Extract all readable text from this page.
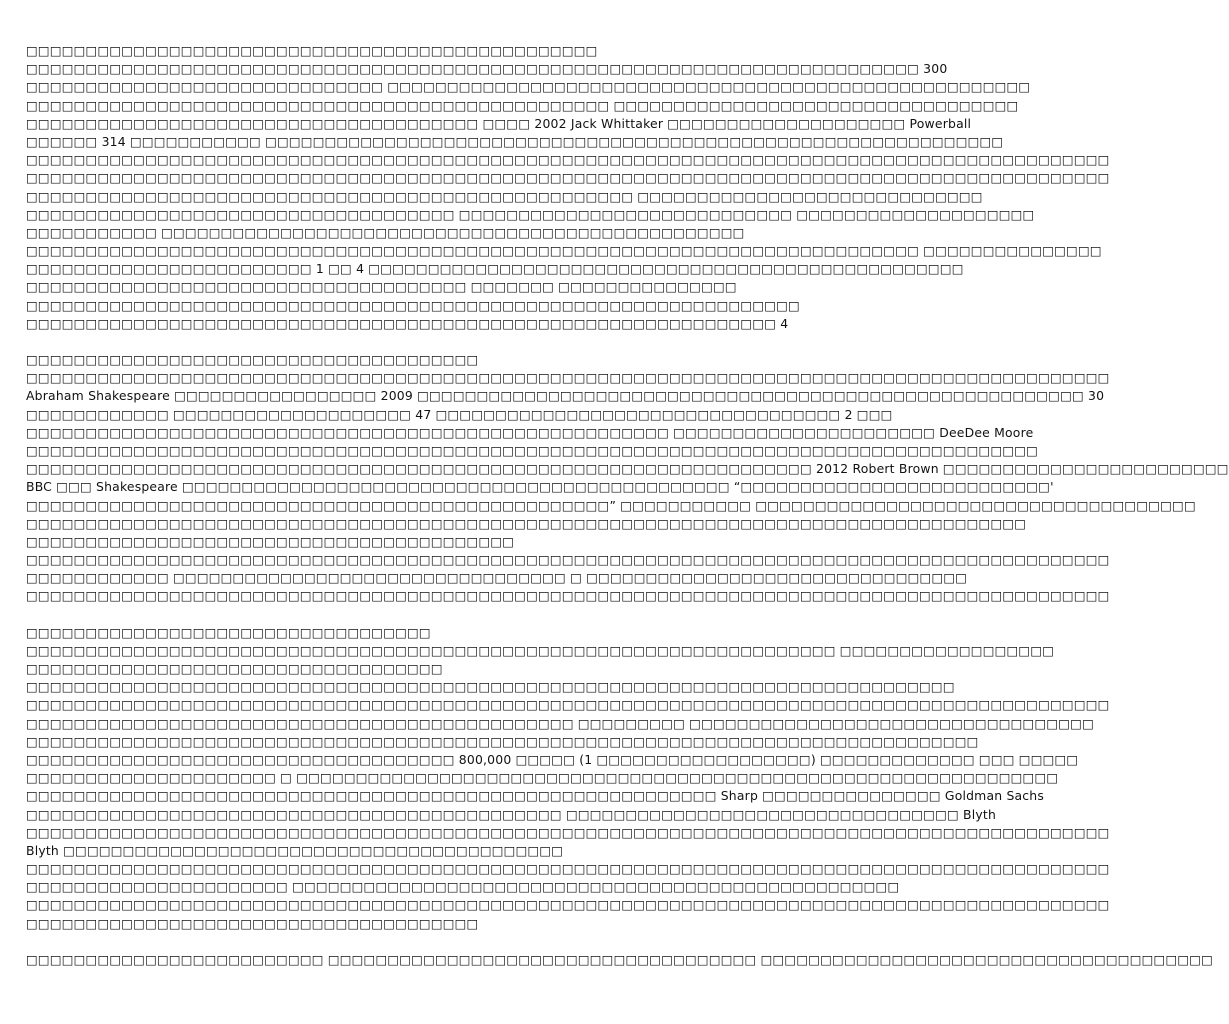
□□□□□□□□□□□□□□□□□□□□□□□□□□□□□□□□□□□□□□□□□□□□□□□□
□□□□□□□□□□□□□□□□□□□□□□□□□□□□□□□□□□□□□□□□□□□□□□□□□□□□□□□□□□□□□□□□□□□□□□□□□□□ 300
□□□□□□□□□□□□□□□□□□□□□□□□□□□□□□ □□□□□□□□□□□□□□□□□□□□□□□□□□□□□□□□□□□□□□□□□□□□□□□□□□□□□□
□□□□□□□□□□□□□□□□□□□□□□□□□□□□□□□□□□□□□□□□□□□□□□□□□ □□□□□□□□□□□□□□□□□□□□□□□□□□□□□□□□□□
□□□□□□□□□□□□□□□□□□□□□□□□□□□□□□□□□□□□□□ □□□□ 2002 Jack Whittaker □□□□□□□□□□□□□□□□□□□□ Powerball
□□□□□□ 314 □□□□□□□□□□□ □□□□□□□□□□□□□□□□□□□□□□□□□□□□□□□□□□□□□□□□□□□□□□□□□□□□□□□□□□□□□□
□□□□□□□□□□□□□□□□□□□□□□□□□□□□□□□□□□□□□□□□□□□□□□□□□□□□□□□□□□□□□□□□□□□□□□□□□□□□□□□□□□□□□□□□□□□
□□□□□□□□□□□□□□□□□□□□□□□□□□□□□□□□□□□□□□□□□□□□□□□□□□□□□□□□□□□□□□□□□□□□□□□□□□□□□□□□□□□□□□□□□□□
□□□□□□□□□□□□□□□□□□□□□□□□□□□□□□□□□□□□□□□□□□□□□□□□□□□ □□□□□□□□□□□□□□□□□□□□□□□□□□□□□
□□□□□□□□□□□□□□□□□□□□□□□□□□□□□□□□□□□□ □□□□□□□□□□□□□□□□□□□□□□□□□□□□ □□□□□□□□□□□□□□□□□□□□
□□□□□□□□□□□ □□□□□□□□□□□□□□□□□□□□□□□□□□□□□□□□□□□□□□□□□□□□□□□□□
□□□□□□□□□□□□□□□□□□□□□□□□□□□□□□□□□□□□□□□□□□□□□□□□□□□□□□□□□□□□□□□□□□□□□□□□□□□ □□□□□□□□□□□□□□□
□□□□□□□□□□□□□□□□□□□□□□□□ 1 □□ 4 □□□□□□□□□□□□□□□□□□□□□□□□□□□□□□□□□□□□□□□□□□□□□□□□□□
□□□□□□□□□□□□□□□□□□□□□□□□□□□□□□□□□□□□□ □□□□□□□ □□□□□□□□□□□□□□□
□□□□□□□□□□□□□□□□□□□□□□□□□□□□□□□□□□□□□□□□□□□□□□□□□□□□□□□□□□□□□□□□□
□□□□□□□□□□□□□□□□□□□□□□□□□□□□□□□□□□□□□□□□□□□□□□□□□□□□□□□□□□□□□□□ 4
□□□□□□□□□□□□□□□□□□□□□□□□□□□□□□□□□□□□□□
□□□□□□□□□□□□□□□□□□□□□□□□□□□□□□□□□□□□□□□□□□□□□□□□□□□□□□□□□□□□□□□□□□□□□□□□□□□□□□□□□□□□□□□□□□□
Abraham Shakespeare □□□□□□□□□□□□□□□□□ 2009 □□□□□□□□□□□□□□□□□□□□□□□□□□□□□□□□□□□□□□□□□□□□□□□□□□□□□□□□ 30
□□□□□□□□□□□□ □□□□□□□□□□□□□□□□□□□□ 47 □□□□□□□□□□□□□□□□□□□□□□□□□□□□□□□□□□ 2 □□□
□□□□□□□□□□□□□□□□□□□□□□□□□□□□□□□□□□□□□□□□□□□□□□□□□□□□□□ □□□□□□□□□□□□□□□□□□□□□□ DeeDee Moore
□□□□□□□□□□□□□□□□□□□□□□□□□□□□□□□□□□□□□□□□□□□□□□□□□□□□□□□□□□□□□□□□□□□□□□□□□□□□□□□□□□□□□
□□□□□□□□□□□□□□□□□□□□□□□□□□□□□□□□□□□□□□□□□□□□□□□□□□□□□□□□□□□□□□□□□□ 2012 Robert Brown □□□□□□□□□□□□□□□□□□□□□□□□
BBC □□□ Shakespeare □□□□□□□□□□□□□□□□□□□□□□□□□□□□□□□□□□□□□□□□□□□□□□ “□□□□□□□□□□□□□□□□□□□□□□□□□□'
□□□□□□□□□□□□□□□□□□□□□□□□□□□□□□□□□□□□□□□□□□□□□□□□□” □□□□□□□□□□□ □□□□□□□□□□□□□□□□□□□□□□□□□□□□□□□□□□□□□
□□□□□□□□□□□□□□□□□□□□□□□□□□□□□□□□□□□□□□□□□□□□□□□□□□□□□□□□□□□□□□□□□□□□□□□□□□□□□□□□□□□□
□□□□□□□□□□□□□□□□□□□□□□□□□□□□□□□□□□□□□□□□□
□□□□□□□□□□□□□□□□□□□□□□□□□□□□□□□□□□□□□□□□□□□□□□□□□□□□□□□□□□□□□□□□□□□□□□□□□□□□□□□□□□□□□□□□□□□
□□□□□□□□□□□□ □□□□□□□□□□□□□□□□□□□□□□□□□□□□□□□□□ □ □□□□□□□□□□□□□□□□□□□□□□□□□□□□□□□□
□□□□□□□□□□□□□□□□□□□□□□□□□□□□□□□□□□□□□□□□□□□□□□□□□□□□□□□□□□□□□□□□□□□□□□□□□□□□□□□□□□□□□□□□□□□
□□□□□□□□□□□□□□□□□□□□□□□□□□□□□□□□□□
□□□□□□□□□□□□□□□□□□□□□□□□□□□□□□□□□□□□□□□□□□□□□□□□□□□□□□□□□□□□□□□□□□□□ □□□□□□□□□□□□□□□□□□
□□□□□□□□□□□□□□□□□□□□□□□□□□□□□□□□□□□
□□□□□□□□□□□□□□□□□□□□□□□□□□□□□□□□□□□□□□□□□□□□□□□□□□□□□□□□□□□□□□□□□□□□□□□□□□□□□□
□□□□□□□□□□□□□□□□□□□□□□□□□□□□□□□□□□□□□□□□□□□□□□□□□□□□□□□□□□□□□□□□□□□□□□□□□□□□□□□□□□□□□□□□□□□
□□□□□□□□□□□□□□□□□□□□□□□□□□□□□□□□□□□□□□□□□□□□□□ □□□□□□□□□ □□□□□□□□□□□□□□□□□□□□□□□□□□□□□□□□□□
□□□□□□□□□□□□□□□□□□□□□□□□□□□□□□□□□□□□□□□□□□□□□□□□□□□□□□□□□□□□□□□□□□□□□□□□□□□□□□□□
□□□□□□□□□□□□□□□□□□□□□□□□□□□□□□□□□□□□ 800,000 □□□□□ (1 □□□□□□□□□□□□□□□□□□) □□□□□□□□□□□□□ □□□ □□□□□
□□□□□□□□□□□□□□□□□□□□□ □ □□□□□□□□□□□□□□□□□□□□□□□□□□□□□□□□□□□□□□□□□□□□□□□□□□□□□□□□□□□□□□□□
□□□□□□□□□□□□□□□□□□□□□□□□□□□□□□□□□□□□□□□□□□□□□□□□□□□□□□□□□□ Sharp □□□□□□□□□□□□□□□ Goldman Sachs
□□□□□□□□□□□□□□□□□□□□□□□□□□□□□□□□□□□□□□□□□□□□□ □□□□□□□□□□□□□□□□□□□□□□□□□□□□□□□□□ Blyth
□□□□□□□□□□□□□□□□□□□□□□□□□□□□□□□□□□□□□□□□□□□□□□□□□□□□□□□□□□□□□□□□□□□□□□□□□□□□□□□□□□□□□□□□□□□
Blyth □□□□□□□□□□□□□□□□□□□□□□□□□□□□□□□□□□□□□□□□□□
□□□□□□□□□□□□□□□□□□□□□□□□□□□□□□□□□□□□□□□□□□□□□□□□□□□□□□□□□□□□□□□□□□□□□□□□□□□□□□□□□□□□□□□□□□□
□□□□□□□□□□□□□□□□□□□□□□ □□□□□□□□□□□□□□□□□□□□□□□□□□□□□□□□□□□□□□□□□□□□□□□□□□□
□□□□□□□□□□□□□□□□□□□□□□□□□□□□□□□□□□□□□□□□□□□□□□□□□□□□□□□□□□□□□□□□□□□□□□□□□□□□□□□□□□□□□□□□□□□
□□□□□□□□□□□□□□□□□□□□□□□□□□□□□□□□□□□□□□
□□□□□□□□□□□□□□□□□□□□□□□□□ □□□□□□□□□□□□□□□□□□□□□□□□□□□□□□□□□□□□ □□□□□□□□□□□□□□□□□□□□□□□□□□□□□□□□□□□□□□
